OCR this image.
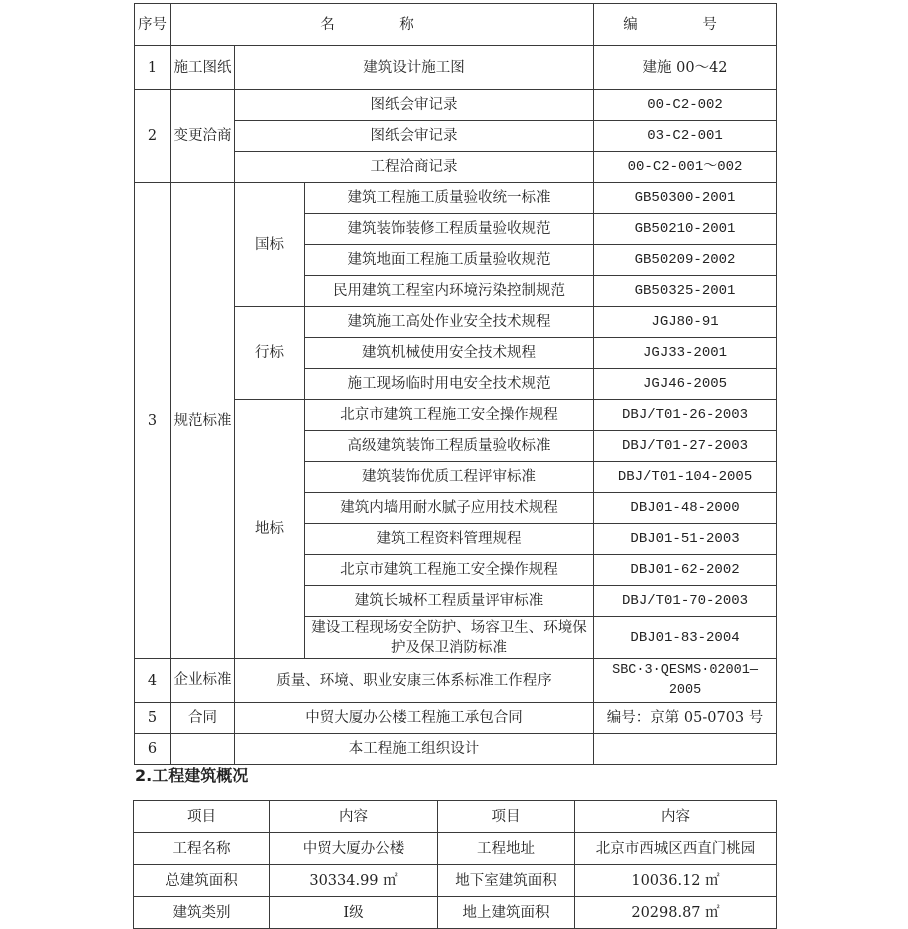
序号	名 称			编 号
1	施工图纸	建筑设计施工图		建施 00～42
2	变更洽商	图纸会审记录		00-C2-002
		图纸会审记录		03-C2-001
		工程洽商记录		00-C2-001～002
3	规范标准	国标	建筑工程施工质量验收统一标准	GB50300-2001
			建筑装饰装修工程质量验收规范	GB50210-2001
			建筑地面工程施工质量验收规范	GB50209-2002
			民用建筑工程室内环境污染控制规范	GB50325-2001
		行标	建筑施工高处作业安全技术规程	JGJ80-91
			建筑机械使用安全技术规程	JGJ33-2001
			施工现场临时用电安全技术规范	JGJ46-2005
		地标	北京市建筑工程施工安全操作规程	DBJ/T01-26-2003
			高级建筑装饰工程质量验收标准	DBJ/T01-27-2003
			建筑装饰优质工程评审标准	DBJ/T01-104-2005
			建筑内墙用耐水腻子应用技术规程	DBJ01-48-2000
			建筑工程资料管理规程	DBJ01-51-2003
			北京市建筑工程施工安全操作规程	DBJ01-62-2002
			建筑长城杯工程质量评审标准	DBJ/T01-70-2003
			建设工程现场安全防护、场容卫生、环境保护及保卫消防标准	DBJ01-83-2004
4	企业标准	质量、环境、职业安康三体系标准工作程序		SBC·3·QESMS·02001—2005
5	合同	中贸大厦办公楼工程施工承包合同		编号：京第 05-0703 号
6		本工程施工组织设计		
2.工程建筑概况
项目	内容	项目	内容
工程名称	中贸大厦办公楼	工程地址	北京市西城区西直门桃园
总建筑面积	30334.99 ㎡	地下室建筑面积	10036.12 ㎡
建筑类别	Ⅰ级	地上建筑面积	20298.87 ㎡
